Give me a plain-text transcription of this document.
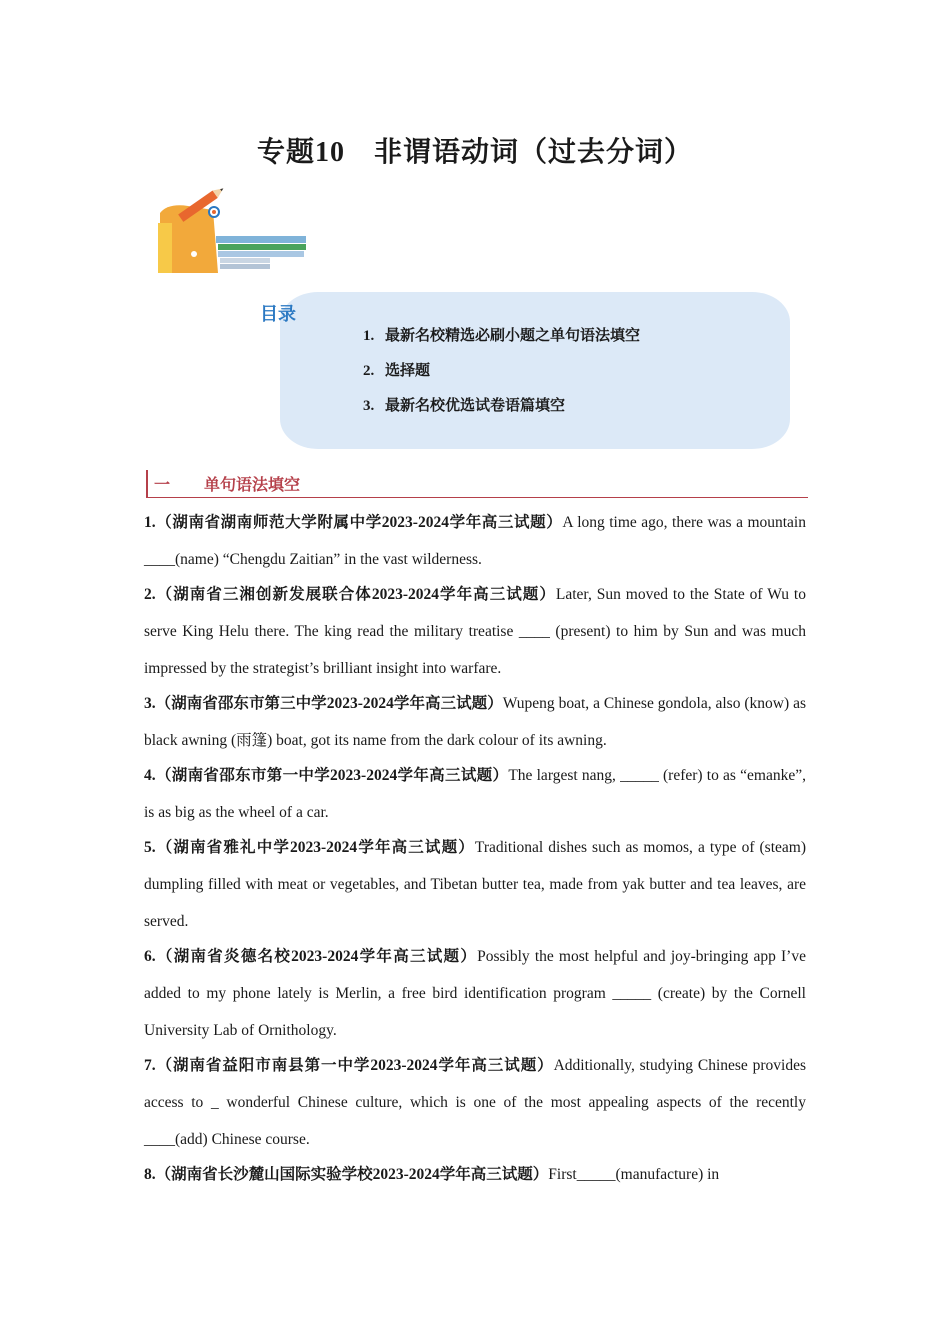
专题10　非谓语动词（过去分词）
目录
1. 最新名校精选必刷小题之单句语法填空
2. 选择题
3. 最新名校优选试卷语篇填空
一 单句语法填空

1.（湖南省湖南师范大学附属中学2023-2024学年高三试题）A long time ago, there was a mountain ____(name) “Chengdu Zaitian” in the vast wilderness.

2.（湖南省三湘创新发展联合体2023-2024学年高三试题）Later, Sun moved to the State of Wu to serve King Helu there. The king read the military treatise ____ (present) to him by Sun and was much impressed by the strategist’s brilliant insight into warfare.

3.（湖南省邵东市第三中学2023-2024学年高三试题）Wupeng boat, a Chinese gondola, also (know) as black awning (雨篷) boat, got its name from the dark colour of its awning.

4.（湖南省邵东市第一中学2023-2024学年高三试题）The largest nang, _____ (refer) to as “emanke”, is as big as the wheel of a car.

5.（湖南省雅礼中学2023-2024学年高三试题）Traditional dishes such as momos, a type of (steam) dumpling filled with meat or vegetables, and Tibetan butter tea, made from yak butter and tea leaves, are served.

6.（湖南省炎德名校2023-2024学年高三试题）Possibly the most helpful and joy-bringing app I’ve added to my phone lately is Merlin, a free bird identification program _____ (create) by the Cornell University Lab of Ornithology.

7.（湖南省益阳市南县第一中学2023-2024学年高三试题）Additionally, studying Chinese provides access to _ wonderful Chinese culture, which is one of the most appealing aspects of the recently ____(add) Chinese course.

8.（湖南省长沙麓山国际实验学校2023-2024学年高三试题）First_____(manufacture) in
